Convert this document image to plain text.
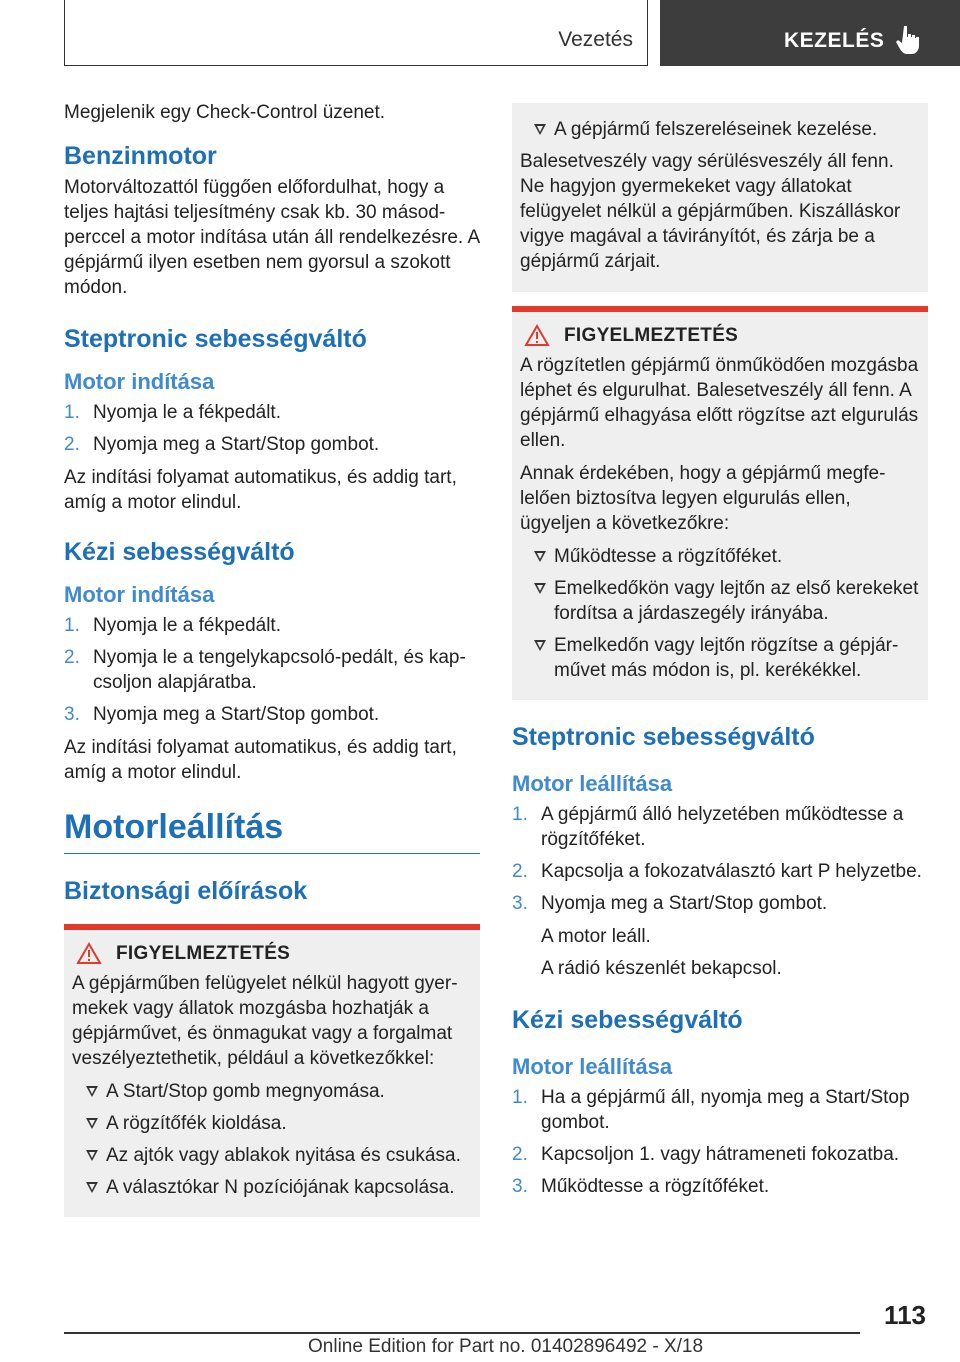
Vezetés	KEZELÉS

Megjelenik egy Check-Control üzenet.

Benzinmotor

Motorváltozattól függően előfordulhat, hogy a teljes hajtási teljesítmény csak kb. 30 másodperccel a motor indítása után áll rendelkezésre. A gépjármű ilyen esetben nem gyorsul a szokott módon.

Steptronic sebességváltó
Motor indítása
1. Nyomja le a fékpedált.
2. Nyomja meg a Start/Stop gombot.

Az indítási folyamat automatikus, és addig tart, amíg a motor elindul.

Kézi sebességváltó
Motor indítása
1. Nyomja le a fékpedált.
2. Nyomja le a tengelykapcsoló-pedált, és kapcsoljon alapjáratba.
3. Nyomja meg a Start/Stop gombot.

Az indítási folyamat automatikus, és addig tart, amíg a motor elindul.

Motorleállítás
Biztonsági előírások
FIGYELMEZTETÉS

A gépjárműben felügyelet nélkül hagyott gyermekek vagy állatok mozgásba hozhatják a gépjárművet, és önmagukat vagy a forgalmat veszélyeztethetik, például a következőkkel:

A Start/Stop gomb megnyomása.
A rögzítőfék kioldása.
Az ajtók vagy ablakok nyitása és csukása.
A választókar N pozíciójának kapcsolása.
A gépjármű felszereléseinek kezelése.

Balesetveszély vagy sérülésveszély áll fenn. Ne hagyjon gyermekeket vagy állatokat felügyelet nélkül a gépjárműben. Kiszálláskor vigye magával a távirányítót, és zárja be a gépjármű zárjait.

FIGYELMEZTETÉS

A rögzítetlen gépjármű önműködően mozgásba léphet és elgurulhat. Balesetveszély áll fenn. A gépjármű elhagyása előtt rögzítse azt elgurulás ellen.

Annak érdekében, hogy a gépjármű megfelelően biztosítva legyen elgurulás ellen, ügyeljen a következőkre:

Működtesse a rögzítőféket.
Emelkedőkön vagy lejtőn az első kerekeket fordítsa a járdaszegély irányába.
Emelkedőn vagy lejtőn rögzítse a gépjárművet más módon is, pl. kerékékkel.
Steptronic sebességváltó
Motor leállítása
1. A gépjármű álló helyzetében működtesse a rögzítőféket.
2. Kapcsolja a fokozatválasztó kart P helyzetbe.
3. Nyomja meg a Start/Stop gombot.
A motor leáll.
A rádió készenlét bekapcsol.
Kézi sebességváltó
Motor leállítása
1. Ha a gépjármű áll, nyomja meg a Start/Stop gombot.
2. Kapcsoljon 1. vagy hátrameneti fokozatba.
3. Működtesse a rögzítőféket.
113
Online Edition for Part no. 01402896492 - X/18
